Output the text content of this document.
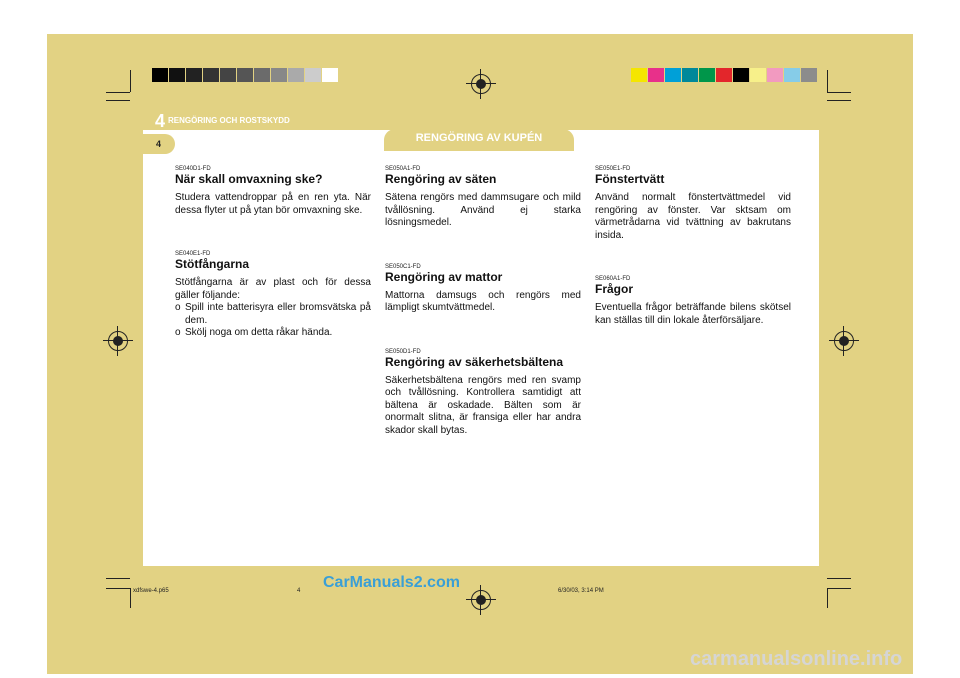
4 RENGÖRING OCH ROSTSKYDD
4	RENGÖRING AV KUPÉN

SE040D1-FD

När skall omvaxning ske?

Studera vattendroppar på en ren yta. När dessa flyter ut på ytan bör omvaxning ske.

SE040E1-FD

Stötfångarna

Stötfångarna är av plast och för dessa gäller följande:

o Spill inte batterisyra eller bromsvätska på dem.
o Skölj noga om detta råkar hända.

SE050A1-FD

Rengöring av säten

Sätena rengörs med dammsugare och mild tvållösning. Använd ej starka lösningsmedel.

SE050C1-FD

Rengöring av mattor

Mattorna damsugs och rengörs med lämpligt skumtvättmedel.

SE050D1-FD

Rengöring av säkerhetsbältena

Säkerhetsbältena rengörs med ren svamp och tvållösning. Kontrollera samtidigt att bältena är oskadade. Bälten som är onormalt slitna, är fransiga eller har andra skador skall bytas.

SE050E1-FD

Fönstertvätt

Använd normalt fönstertvättmedel vid rengöring av fönster. Var sktsam om värmetrådarna vid tvättning av bakrutans insida.

SE060A1-FD

Frågor

Eventuella frågor beträffande bilens skötsel kan ställas till din lokale återförsäljare.

xdfswe-4.p65	4	6/30/03, 3:14 PM
CarManuals2.com
carmanualsonline.info
